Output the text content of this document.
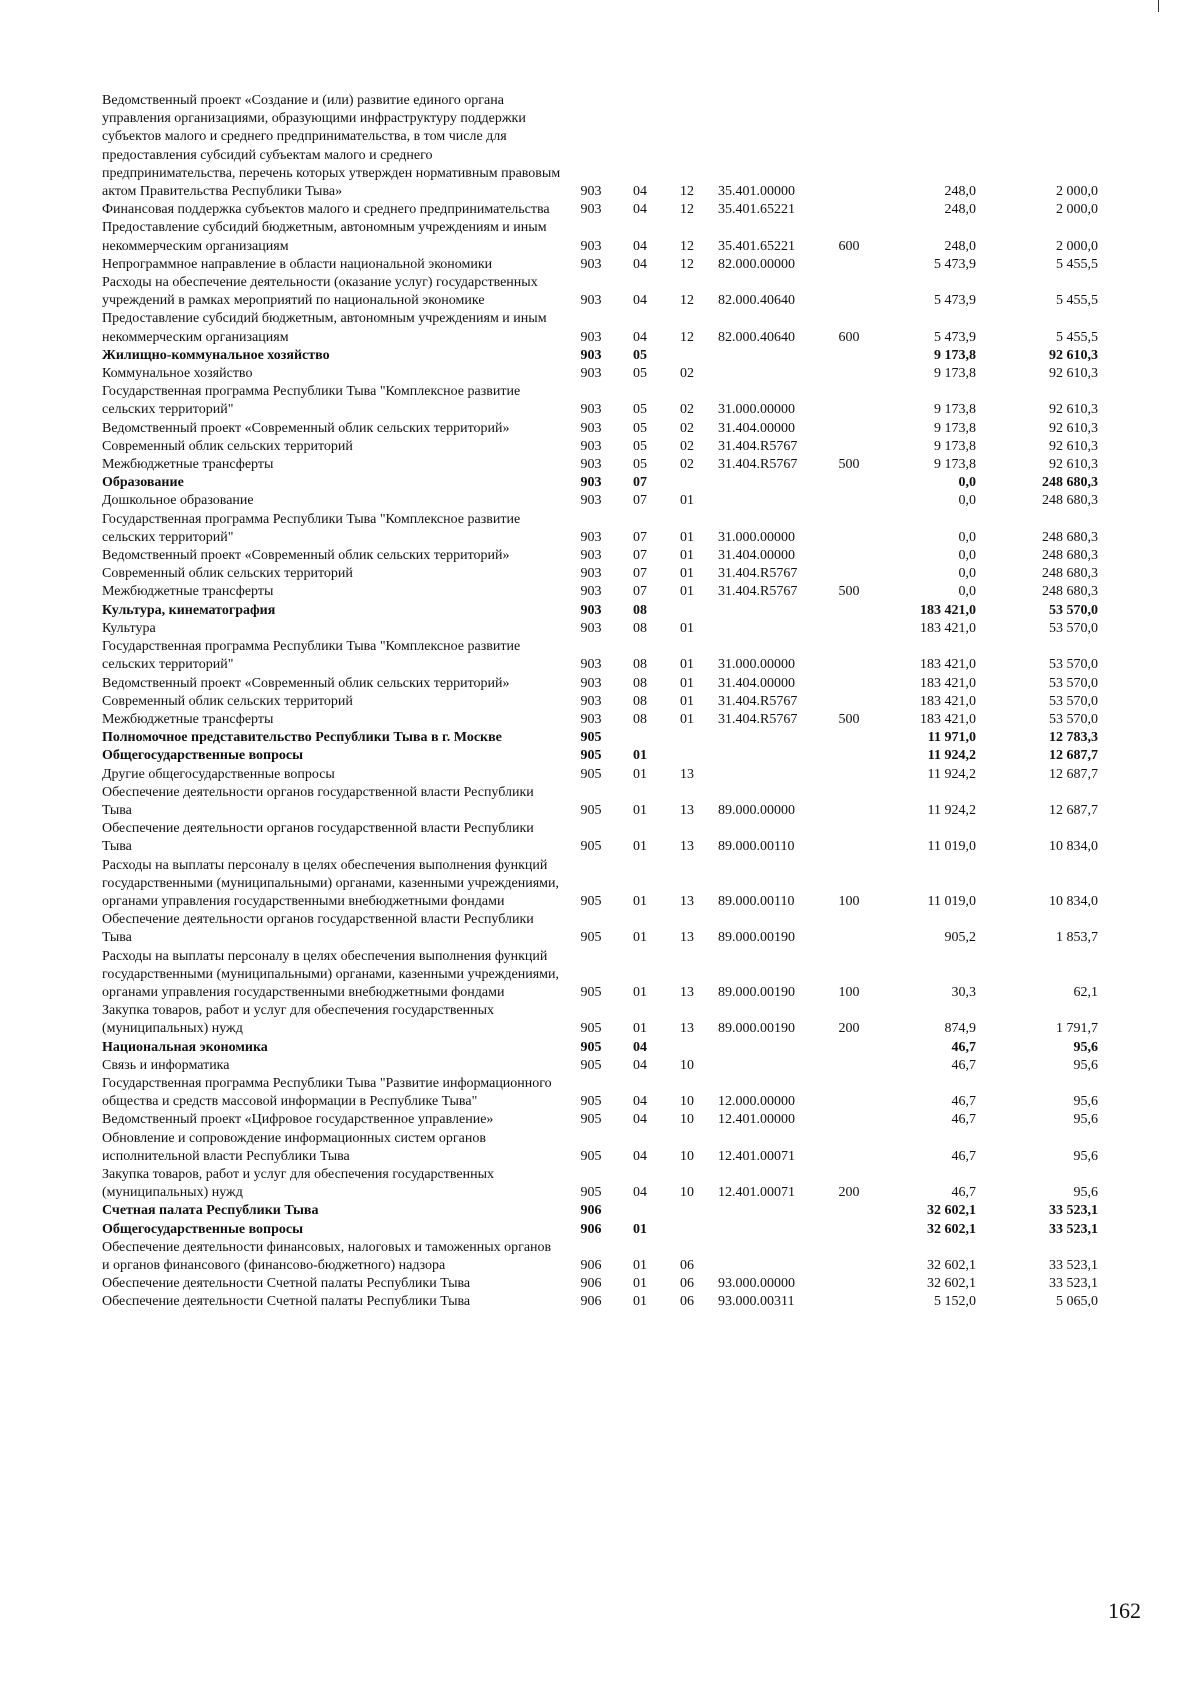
Ведомственный проект «Создание и (или) развитие единого органа управления организациями, образующими инфраструктуру поддержки субъектов малого и среднего предпринимательства, в том числе для предоставления субсидий субъектам малого и среднего предпринимательства, перечень которых утвержден нормативным правовым актом Правительства Республики Тыва»	903	04	12	35.401.00000		248,0	2 000,0
Финансовая поддержка субъектов малого и среднего предпринимательства	903	04	12	35.401.65221		248,0	2 000,0
Предоставление субсидий бюджетным, автономным учреждениям и иным некоммерческим организациям	903	04	12	35.401.65221	600	248,0	2 000,0
Непрограммное направление в области национальной экономики	903	04	12	82.000.00000		5 473,9	5 455,5
Расходы на обеспечение деятельности (оказание услуг) государственных учреждений в рамках мероприятий по национальной экономике	903	04	12	82.000.40640		5 473,9	5 455,5
Предоставление субсидий бюджетным, автономным учреждениям и иным некоммерческим организациям	903	04	12	82.000.40640	600	5 473,9	5 455,5
Жилищно-коммунальное хозяйство	903	05				9 173,8	92 610,3
Коммунальное хозяйство	903	05	02			9 173,8	92 610,3
Государственная программа Республики Тыва "Комплексное развитие сельских территорий"	903	05	02	31.000.00000		9 173,8	92 610,3
Ведомственный проект «Современный облик сельских территорий»	903	05	02	31.404.00000		9 173,8	92 610,3
Современный облик сельских территорий	903	05	02	31.404.R5767		9 173,8	92 610,3
Межбюджетные трансферты	903	05	02	31.404.R5767	500	9 173,8	92 610,3
Образование	903	07				0,0	248 680,3
Дошкольное образование	903	07	01			0,0	248 680,3
Государственная программа Республики Тыва "Комплексное развитие сельских территорий"	903	07	01	31.000.00000		0,0	248 680,3
Ведомственный проект «Современный облик сельских территорий»	903	07	01	31.404.00000		0,0	248 680,3
Современный облик сельских территорий	903	07	01	31.404.R5767		0,0	248 680,3
Межбюджетные трансферты	903	07	01	31.404.R5767	500	0,0	248 680,3
Культура, кинематография	903	08				183 421,0	53 570,0
Культура	903	08	01			183 421,0	53 570,0
Государственная программа Республики Тыва "Комплексное развитие сельских территорий"	903	08	01	31.000.00000		183 421,0	53 570,0
Ведомственный проект «Современный облик сельских территорий»	903	08	01	31.404.00000		183 421,0	53 570,0
Современный облик сельских территорий	903	08	01	31.404.R5767		183 421,0	53 570,0
Межбюджетные трансферты	903	08	01	31.404.R5767	500	183 421,0	53 570,0
Полномочное представительство Республики Тыва в г. Москве	905					11 971,0	12 783,3
Общегосударственные вопросы	905	01				11 924,2	12 687,7
Другие общегосударственные вопросы	905	01	13			11 924,2	12 687,7
Обеспечение деятельности органов государственной власти Республики Тыва	905	01	13	89.000.00000		11 924,2	12 687,7
Обеспечение деятельности органов государственной власти Республики Тыва	905	01	13	89.000.00110		11 019,0	10 834,0
Расходы на выплаты персоналу в целях обеспечения выполнения функций государственными (муниципальными) органами, казенными учреждениями, органами управления государственными внебюджетными фондами	905	01	13	89.000.00110	100	11 019,0	10 834,0
Обеспечение деятельности органов государственной власти Республики Тыва	905	01	13	89.000.00190		905,2	1 853,7
Расходы на выплаты персоналу в целях обеспечения выполнения функций государственными (муниципальными) органами, казенными учреждениями, органами управления государственными внебюджетными фондами	905	01	13	89.000.00190	100	30,3	62,1
Закупка товаров, работ и услуг для обеспечения государственных (муниципальных) нужд	905	01	13	89.000.00190	200	874,9	1 791,7
Национальная экономика	905	04				46,7	95,6
Связь и информатика	905	04	10			46,7	95,6
Государственная программа Республики Тыва "Развитие информационного общества и средств массовой информации в Республике Тыва"	905	04	10	12.000.00000		46,7	95,6
Ведомственный проект «Цифровое государственное управление»	905	04	10	12.401.00000		46,7	95,6
Обновление и сопровождение информационных систем органов исполнительной власти Республики Тыва	905	04	10	12.401.00071		46,7	95,6
Закупка товаров, работ и услуг для обеспечения государственных (муниципальных) нужд	905	04	10	12.401.00071	200	46,7	95,6
Счетная палата Республики Тыва	906					32 602,1	33 523,1
Общегосударственные вопросы	906	01				32 602,1	33 523,1
Обеспечение деятельности финансовых, налоговых и таможенных органов и органов финансового (финансово-бюджетного) надзора	906	01	06			32 602,1	33 523,1
Обеспечение деятельности Счетной палаты Республики Тыва	906	01	06	93.000.00000		32 602,1	33 523,1
Обеспечение деятельности Счетной палаты Республики Тыва	906	01	06	93.000.00311		5 152,0	5 065,0
162
